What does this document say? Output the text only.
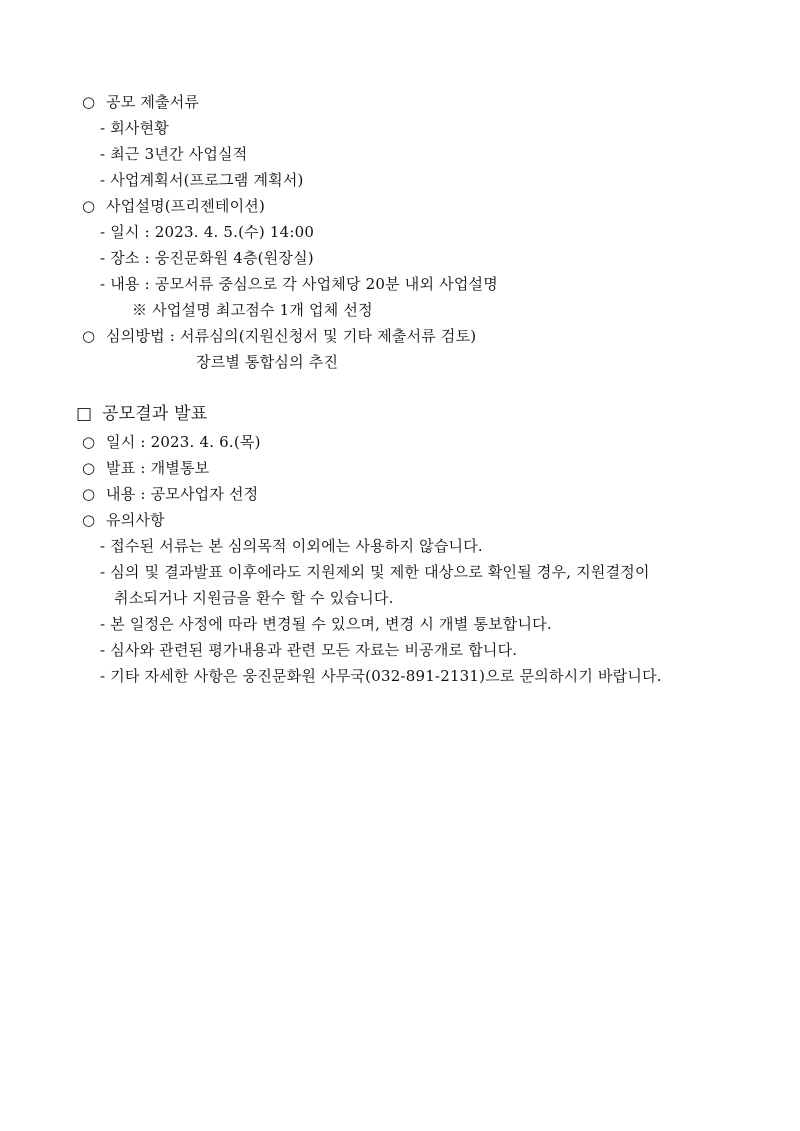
○ 공모 제출서류
- 회사현황
- 최근 3년간 사업실적
- 사업계획서(프로그램 계획서)
○ 사업설명(프리젠테이션)
- 일시 : 2023. 4. 5.(수) 14:00
- 장소 : 웅진문화원 4층(원장실)
- 내용 : 공모서류 중심으로 각 사업체당 20분 내외 사업설명
※ 사업설명 최고점수 1개 업체 선정
○ 심의방법 : 서류심의(지원신청서 및 기타 제출서류 검토)
장르별 통합심의 추진
□ 공모결과 발표
○ 일시 : 2023. 4. 6.(목)
○ 발표 : 개별통보
○ 내용 : 공모사업자 선정
○ 유의사항
- 접수된 서류는 본 심의목적 이외에는 사용하지 않습니다.
- 심의 및 결과발표 이후에라도 지원제외 및 제한 대상으로 확인될 경우, 지원결정이
취소되거나 지원금을 환수 할 수 있습니다.
- 본 일정은 사정에 따라 변경될 수 있으며, 변경 시 개별 통보합니다.
- 심사와 관련된 평가내용과 관련 모든 자료는 비공개로 합니다.
- 기타 자세한 사항은 웅진문화원 사무국(032-891-2131)으로 문의하시기 바랍니다.
